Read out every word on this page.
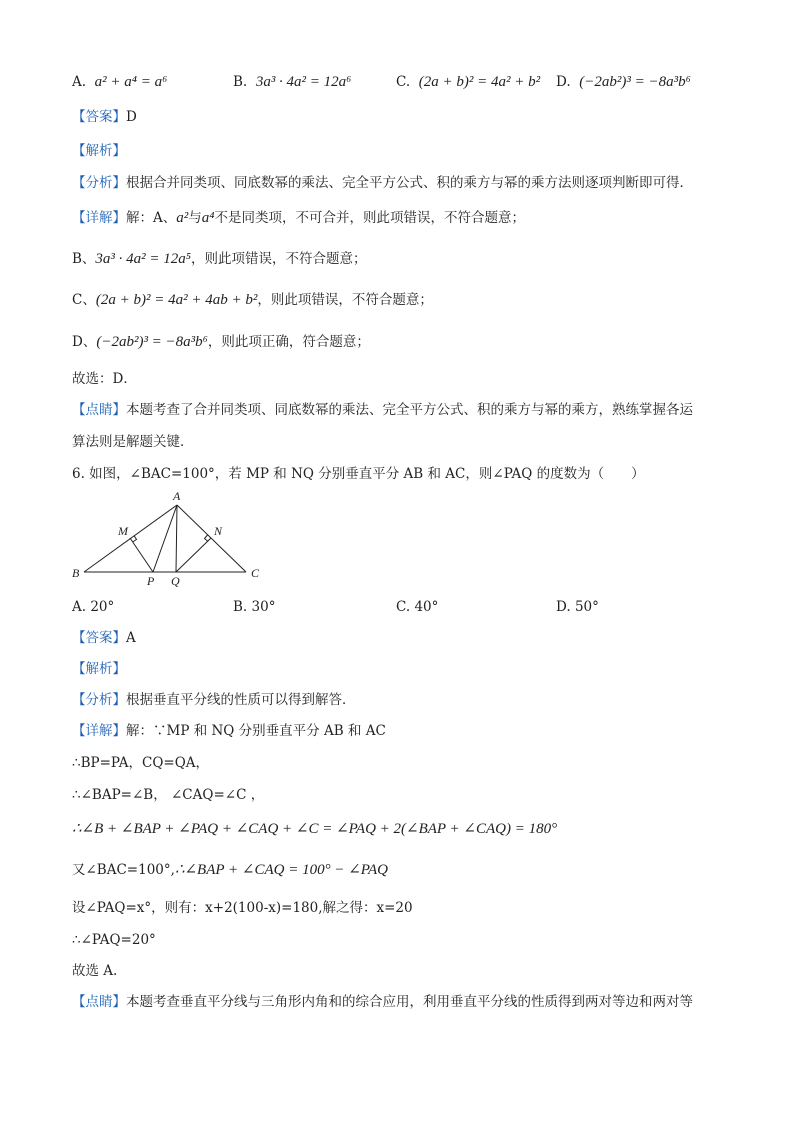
A. a² + a⁴ = a⁶	B. 3a³ · 4a² = 12a⁶	C. (2a + b)² = 4a² + b² D. (−2ab²)³ = −8a³b⁶
【答案】D
【解析】
【分析】根据合并同类项、同底数幂的乘法、完全平方公式、积的乘方与幂的乘方法则逐项判断即可得．
【详解】解：A、a²与a⁴不是同类项，不可合并，则此项错误，不符合题意；
B、3a³ · 4a² = 12a⁵，则此项错误，不符合题意；
C、(2a + b)² = 4a² + 4ab + b²，则此项错误，不符合题意；
D、(−2ab²)³ = −8a³b⁶，则此项正确，符合题意；
故选：D．
【点睛】本题考查了合并同类项、同底数幂的乘法、完全平方公式、积的乘方与幂的乘方，熟练掌握各运
算法则是解题关键．
6. 如图，∠BAC=100°，若 MP 和 NQ 分别垂直平分 AB 和 AC，则∠PAQ 的度数为（　　）
A
B	C
M	N
P Q
A. 20°	B. 30°	C. 40°	D. 50°
【答案】A
【解析】
【分析】根据垂直平分线的性质可以得到解答．
【详解】解：∵MP 和 NQ 分别垂直平分 AB 和 AC
∴BP=PA，CQ=QA，
∴∠BAP=∠B， ∠CAQ=∠C ，
∴∠B + ∠BAP + ∠PAQ + ∠CAQ + ∠C = ∠PAQ + 2(∠BAP + ∠CAQ) = 180°
又∠BAC=100°,∴∠BAP + ∠CAQ = 100° − ∠PAQ
设∠PAQ=x°，则有：x+2(100-x)=180,解之得：x=20
∴∠PAQ=20°
故选 A.
【点睛】本题考查垂直平分线与三角形内角和的综合应用，利用垂直平分线的性质得到两对等边和两对等
